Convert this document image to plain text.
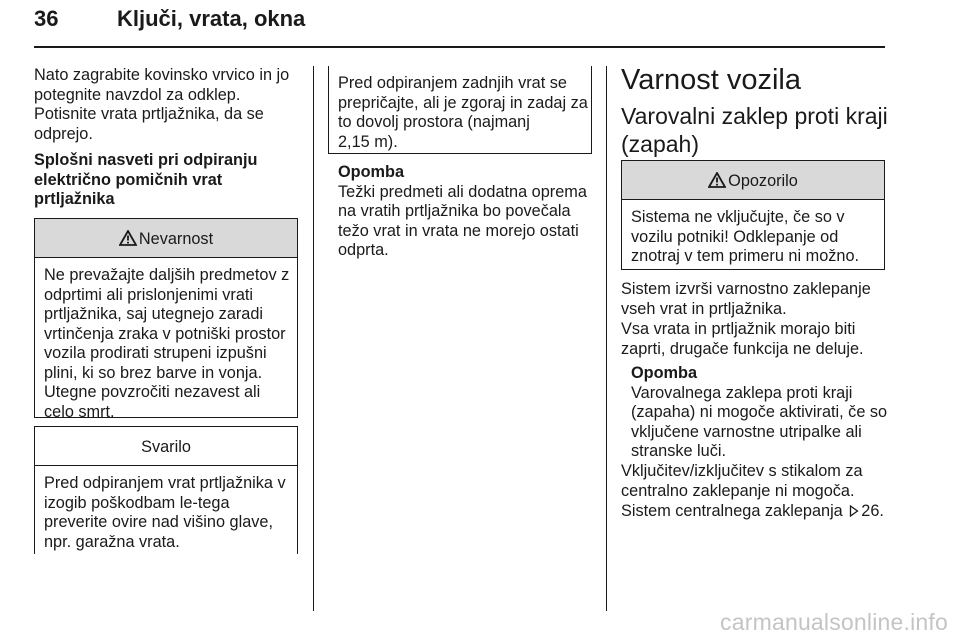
36	Ključi, vrata, okna
Nato zagrabite kovinsko vrvico in jo
potegnite navzdol za odklep.
Potisnite vrata prtljažnika, da se
odprejo.
Splošni nasveti pri odpiranju
električno pomičnih vrat
prtljažnika
Nevarnost
Ne prevažajte daljših predmetov z
odprtimi ali prislonjenimi vrati
prtljažnika, saj utegnejo zaradi
vrtinčenja zraka v potniški prostor
vozila prodirati strupeni izpušni
plini, ki so brez barve in vonja.
Utegne povzročiti nezavest ali
celo smrt.
Svarilo
Pred odpiranjem vrat prtljažnika v
izogib poškodbam le-tega
preverite ovire nad višino glave,
npr. garažna vrata.
Pred odpiranjem zadnjih vrat se
prepričajte, ali je zgoraj in zadaj za
to dovolj prostora (najmanj
2,15 m).
Opomba
Težki predmeti ali dodatna oprema
na vratih prtljažnika bo povečala
težo vrat in vrata ne morejo ostati
odprta.
Varnost vozila
Varovalni zaklep proti kraji
(zapah)
Opozorilo
Sistema ne vključujte, če so v
vozilu potniki! Odklepanje od
znotraj v tem primeru ni možno.
Sistem izvrši varnostno zaklepanje
vseh vrat in prtljažnika.
Vsa vrata in prtljažnik morajo biti
zaprti, drugače funkcija ne deluje.
Opomba
Varovalnega zaklepa proti kraji
(zapaha) ni mogoče aktivirati, če so
vključene varnostne utripalke ali
stranske luči.
Vključitev/izključitev s stikalom za
centralno zaklepanje ni mogoča.
Sistem centralnega zaklepanja 26.
carmanualsonline.info
